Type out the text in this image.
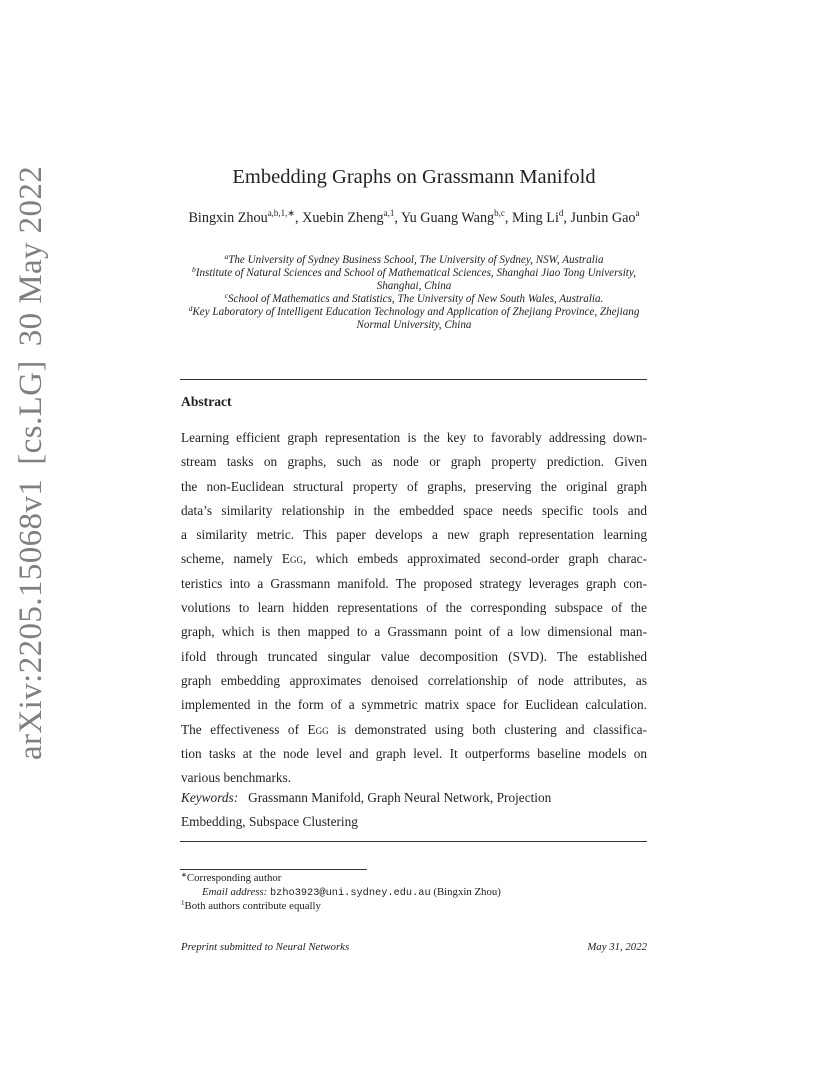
arXiv:2205.15068v1[cs.LG]30 May 2022	Embedding Graphs on Grassmann Manifold
Bingxin Zhou$^{a,b,1,∗}$, Xuebin Zheng$^{a,1}$, Yu Guang Wang$^{b,c}$, Ming Li$^d$, Junbin Gao$^a$

$^a$The University of Sydney Business School, The University of Sydney, NSW, Australia

$^b$Institute of Natural Sciences and School of Mathematical Sciences, Shanghai Jiao Tong University, Shanghai, China

$^c$School of Mathematics and Statistics, The University of New South Wales, Australia.

$^d$Key Laboratory of Intelligent Education Technology and Application of Zhejiang Province, Zhejiang Normal University, China

Abstract
Learning efficient graph representation is the key to favorably addressing down-
stream tasks on graphs, such as node or graph property prediction. Given
the non-Euclidean structural property of graphs, preserving the original graph
data’s similarity relationship in the embedded space needs specific tools and
a similarity metric. This paper develops a new graph representation learning
scheme, namely Egg, which embeds approximated second-order graph charac-
teristics into a Grassmann manifold. The proposed strategy leverages graph con-
volutions to learn hidden representations of the corresponding subspace of the
graph, which is then mapped to a Grassmann point of a low dimensional man-
ifold through truncated singular value decomposition (SVD). The established
graph embedding approximates denoised correlationship of node attributes, as
implemented in the form of a symmetric matrix space for Euclidean calculation.
The effectiveness of Egg is demonstrated using both clustering and classifica-
tion tasks at the node level and graph level. It outperforms baseline models on
various benchmarks.
Keywords: Grassmann Manifold, Graph Neural Network, Projection
Embedding, Subspace Clustering

∗Corresponding author

Email address: bzho3923@uni.sydney.edu.au (Bingxin Zhou)

$^1$Both authors contribute equally

Preprint submitted to Neural Networks	May 31, 2022
